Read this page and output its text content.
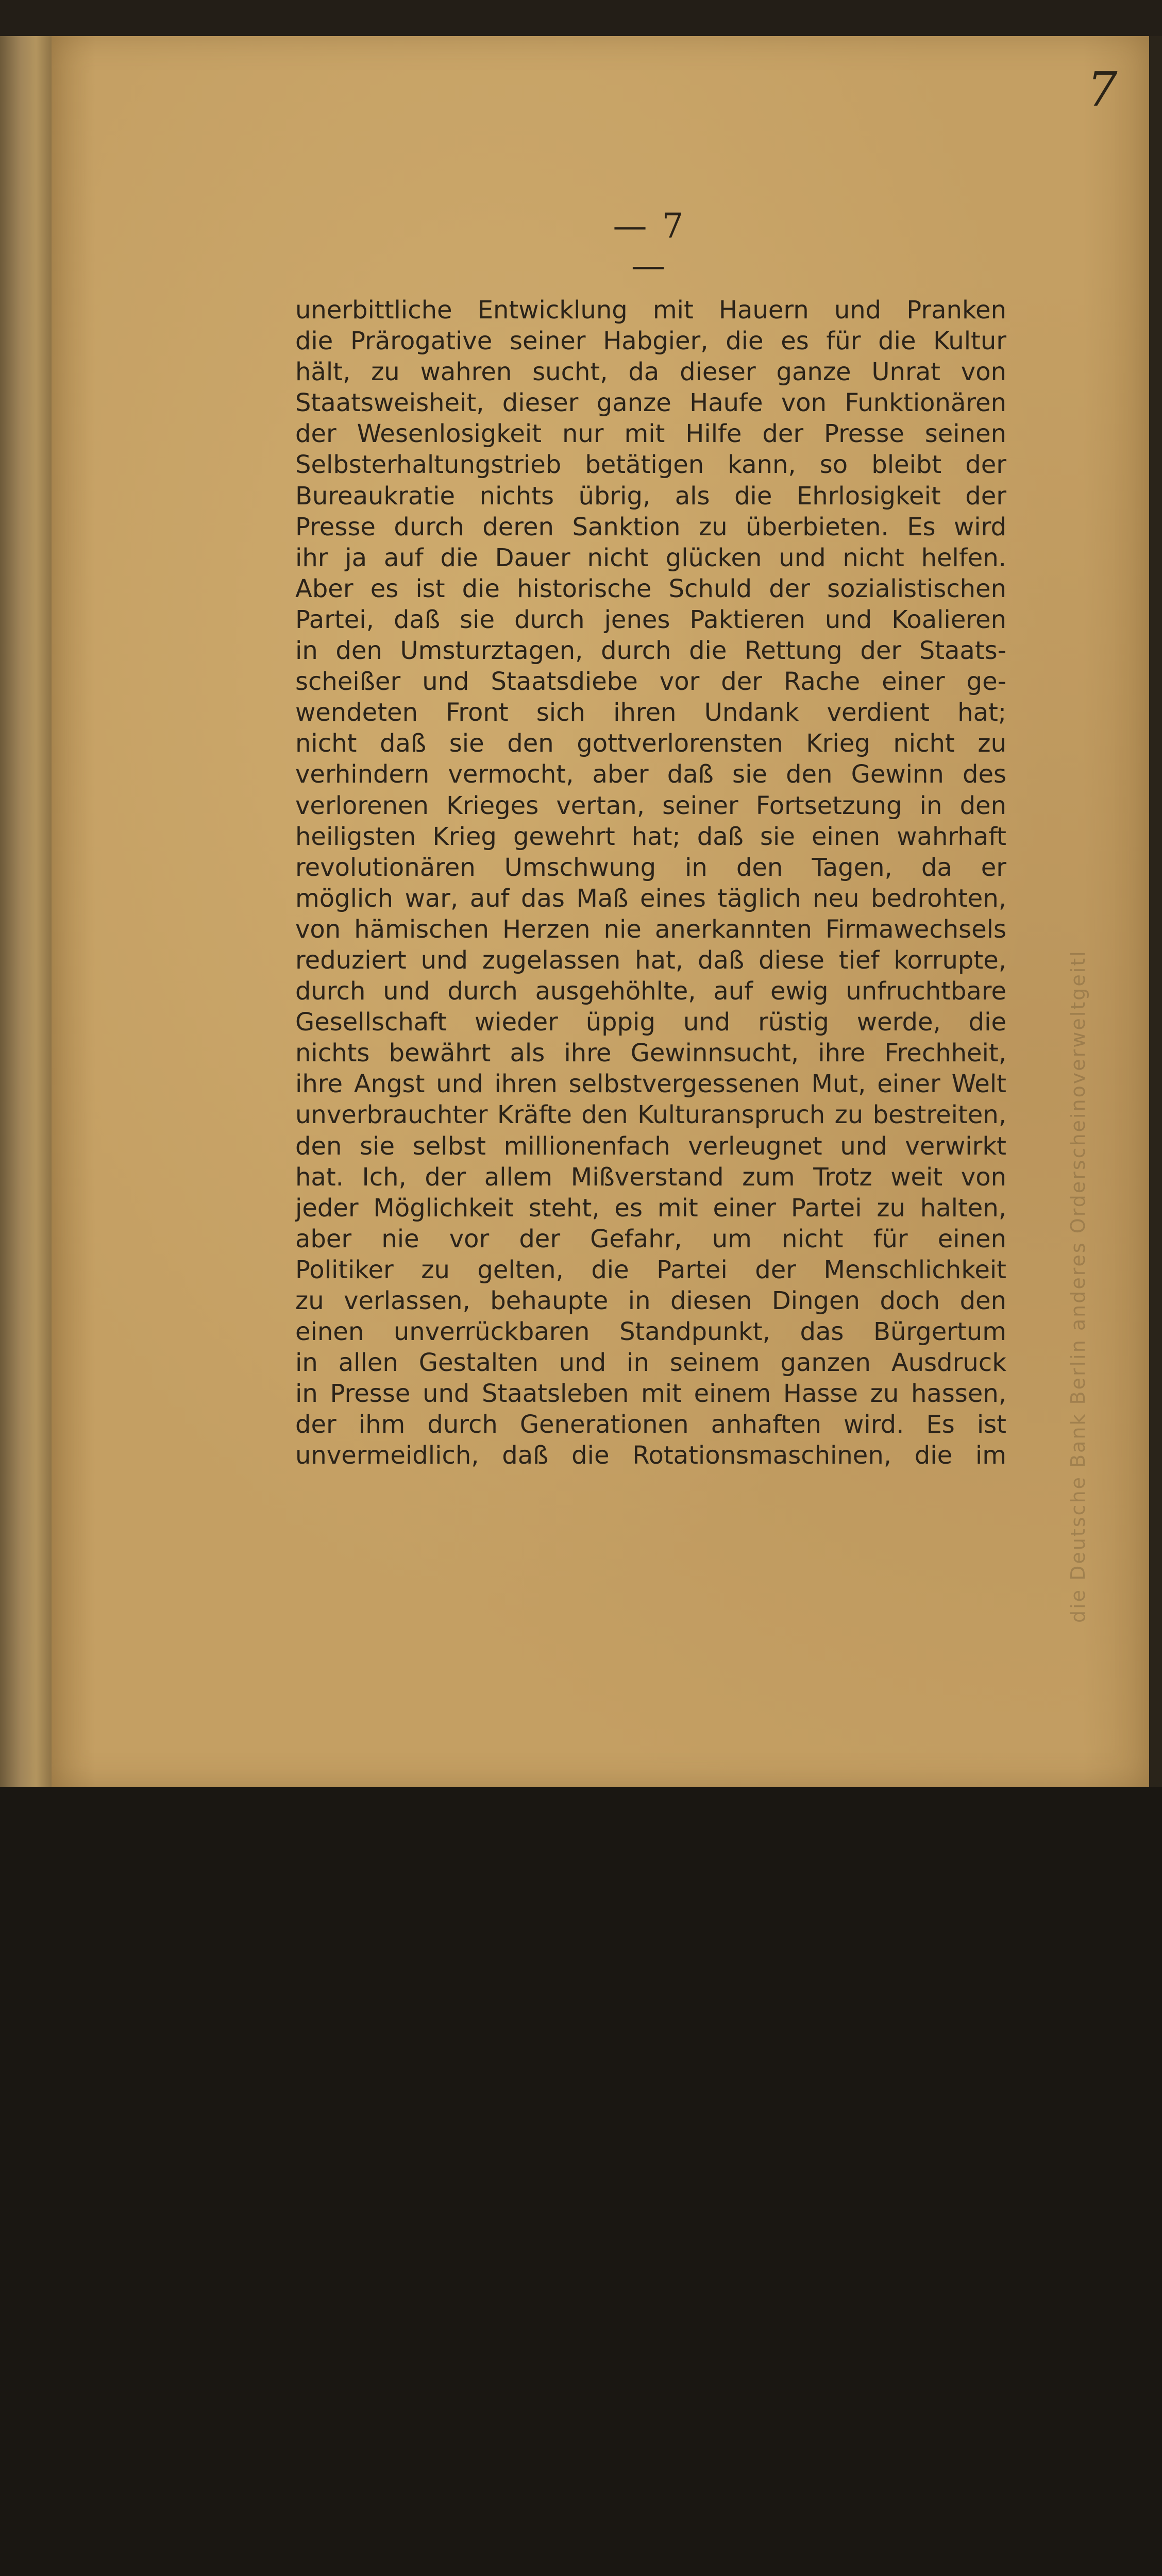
die Deutsche Bank Berlin anderes Orderscheinoverweltgeitl
7
— 7 —
unerbittliche Entwicklung mit Hauern und Pranken
die Prärogative seiner Habgier, die es für die Kultur
hält, zu wahren sucht, da dieser ganze Unrat von
Staatsweisheit, dieser ganze Haufe von Funktionären
der Wesenlosigkeit nur mit Hilfe der Presse seinen
Selbsterhaltungstrieb betätigen kann, so bleibt der
Bureaukratie nichts übrig, als die Ehrlosigkeit der
Presse durch deren Sanktion zu überbieten. Es wird
ihr ja auf die Dauer nicht glücken und nicht helfen.
Aber es ist die historische Schuld der sozialistischen
Partei, daß sie durch jenes Paktieren und Koalieren
in den Umsturztagen, durch die Rettung der Staats-
scheißer und Staatsdiebe vor der Rache einer ge-
wendeten Front sich ihren Undank verdient hat;
nicht daß sie den gottverlorensten Krieg nicht zu
verhindern vermocht, aber daß sie den Gewinn des
verlorenen Krieges vertan, seiner Fortsetzung in den
heiligsten Krieg gewehrt hat; daß sie einen wahrhaft
revolutionären Umschwung in den Tagen, da er
möglich war, auf das Maß eines täglich neu bedrohten,
von hämischen Herzen nie anerkannten Firmawechsels
reduziert und zugelassen hat, daß diese tief korrupte,
durch und durch ausgehöhlte, auf ewig unfruchtbare
Gesellschaft wieder üppig und rüstig werde, die
nichts bewährt als ihre Gewinnsucht, ihre Frechheit,
ihre Angst und ihren selbstvergessenen Mut, einer Welt
unverbrauchter Kräfte den Kulturanspruch zu bestreiten,
den sie selbst millionenfach verleugnet und verwirkt
hat. Ich, der allem Mißverstand zum Trotz weit von
jeder Möglichkeit steht, es mit einer Partei zu halten,
aber nie vor der Gefahr, um nicht für einen
Politiker zu gelten, die Partei der Menschlichkeit
zu verlassen, behaupte in diesen Dingen doch den
einen unverrückbaren Standpunkt, das Bürgertum
in allen Gestalten und in seinem ganzen Ausdruck
in Presse und Staatsleben mit einem Hasse zu hassen,
der ihm durch Generationen anhaften wird. Es ist
unvermeidlich, daß die Rotationsmaschinen, die im
